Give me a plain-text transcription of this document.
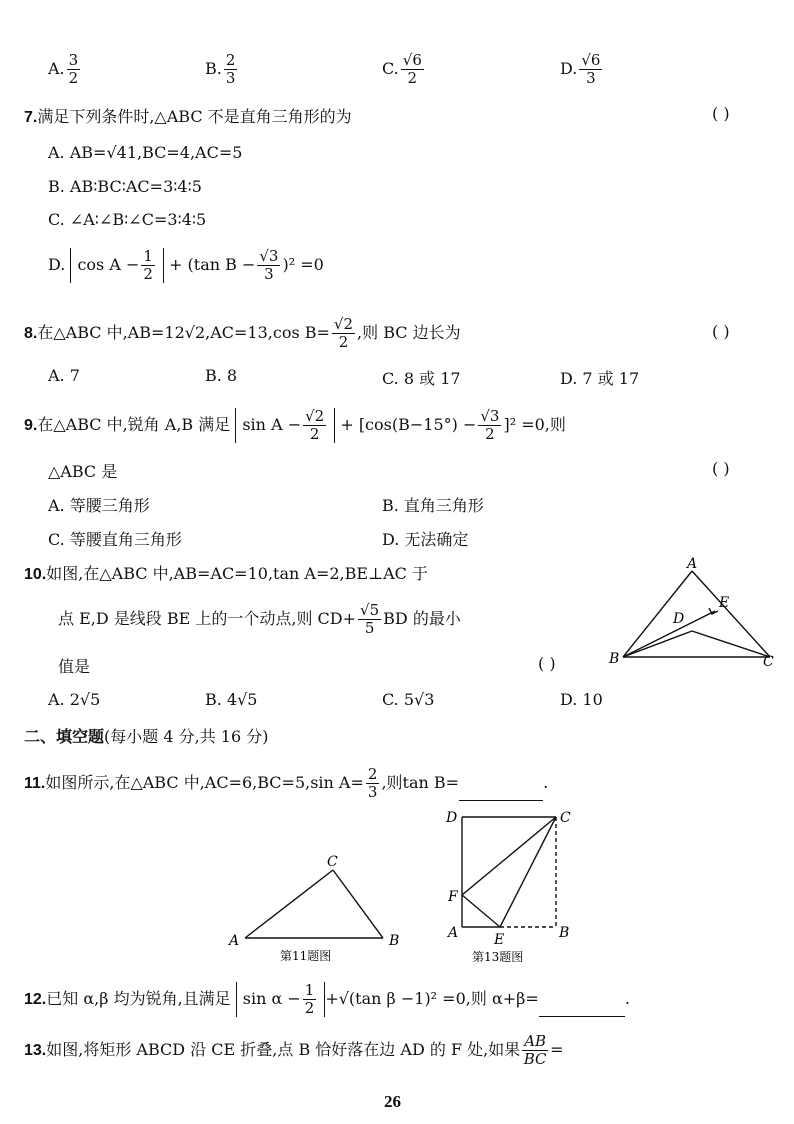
A. $\frac{3}{2}$	B. $\frac{2}{3}$	C. $\frac{√6}{2}$	D. $\frac{√6}{3}$
7.满足下列条件时,△ABC 不是直角三角形的为	( )
A. AB=√41,BC=4,AC=5
B. AB∶BC∶AC=3∶4∶5
C. ∠A∶∠B∶∠C=3∶4∶5
D. $\cos A - \frac{1}{2} + (\tan$ $B - \frac{√3}{3} )^2 =0$
8.在△ABC 中,AB=12√2,AC=13,cos $B= \frac{√2}{2}$ ,则 BC 边长为	( )
A. 7	B. 8	C. 8 或 17	D. 7 或 17
9.在△ABC 中,锐角 A,B 满足 $\sin A - \frac{√2}{2} + [\cos(B-15^\circ) - \frac{√3}{2} ]^2 =0$,则
△ABC 是	( )
A. 等腰三角形	B. 直角三角形
C. 等腰直角三角形	D. 无法确定
10.如图,在△ABC 中,AB=AC=10,tan A=2,BE⊥AC 于
点 E,D 是线段 BE 上的一个动点,则 $CD+ \frac{√5}{5}$ BD 的最小
值是	( )
A. 2√5	B. 4√5	C. 5√3	D. 10
A
E
D
B	C
二、填空题(每小题 4 分,共 16 分)
11.如图所示,在△ABC 中,AC=6,BC=5,sin $A= \frac{2}{3}$ ,则tan B=	.
C
A	B
第11题图
D	C
F
A	E	B
第13题图
12.已知 α,β 均为锐角,且满足 $\sin \alpha - \frac{1}{2} +√(\tan$ β −1)² =0,则 α+β=	.
13.如图,将矩形 ABCD 沿 CE 折叠,点 B 恰好落在边 AD 的 F 处,如果 $\frac{AB}{BC}$ =
26
